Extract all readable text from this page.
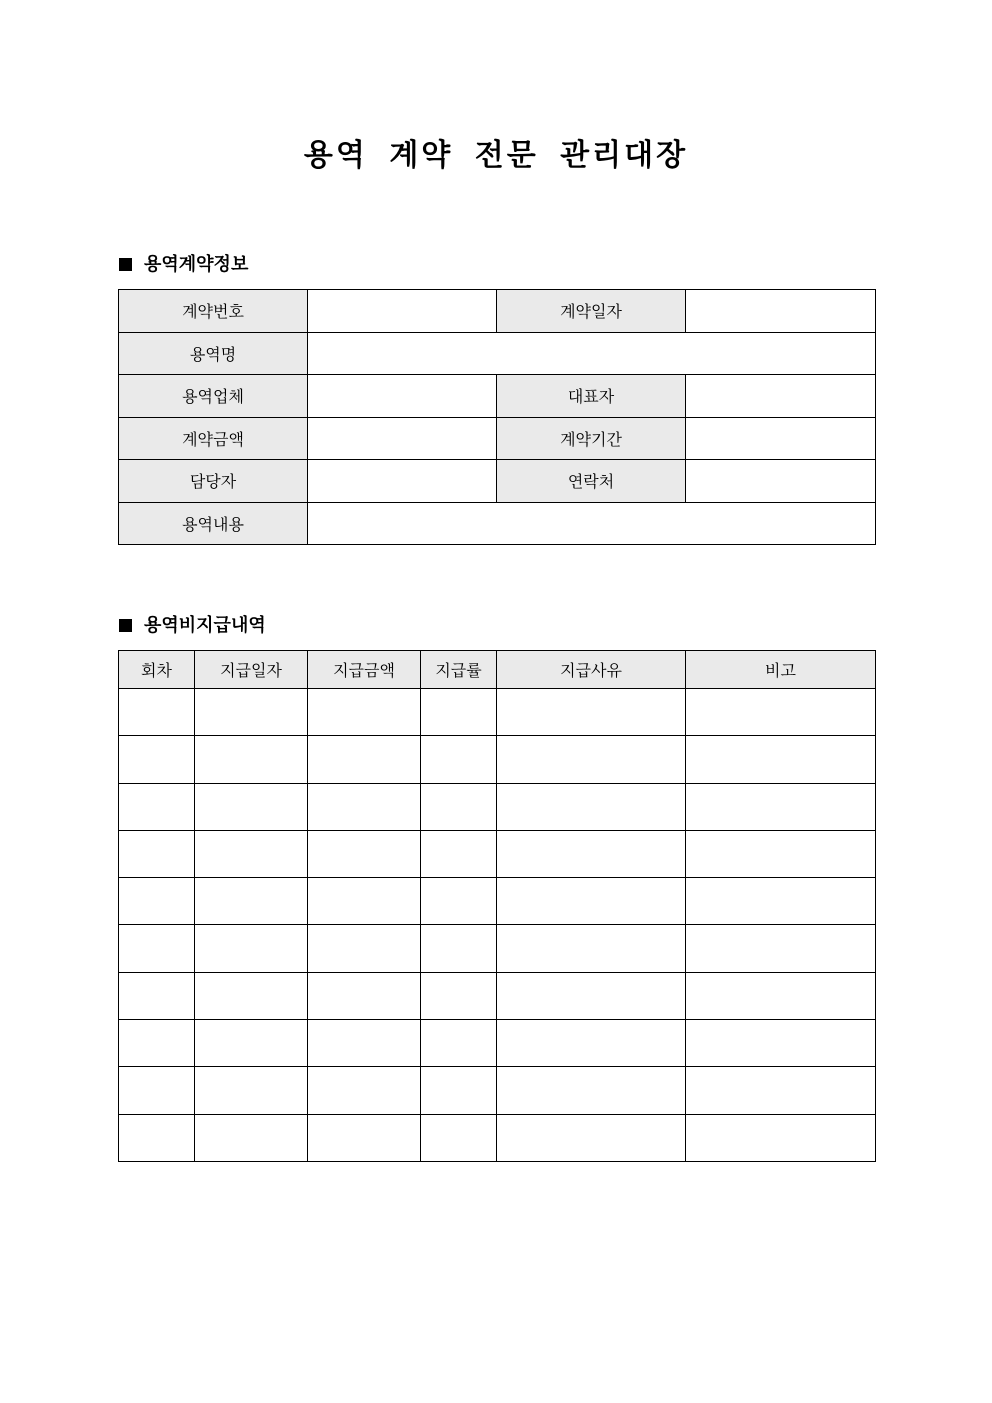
용역 계약 전문 관리대장
용역계약정보
계약번호		계약일자	
용역명			
용역업체		대표자	
계약금액		계약기간	
담당자		연락처	
용역내용			
용역비지급내역
회차	지급일자	지급금액	지급률	지급사유	비고
